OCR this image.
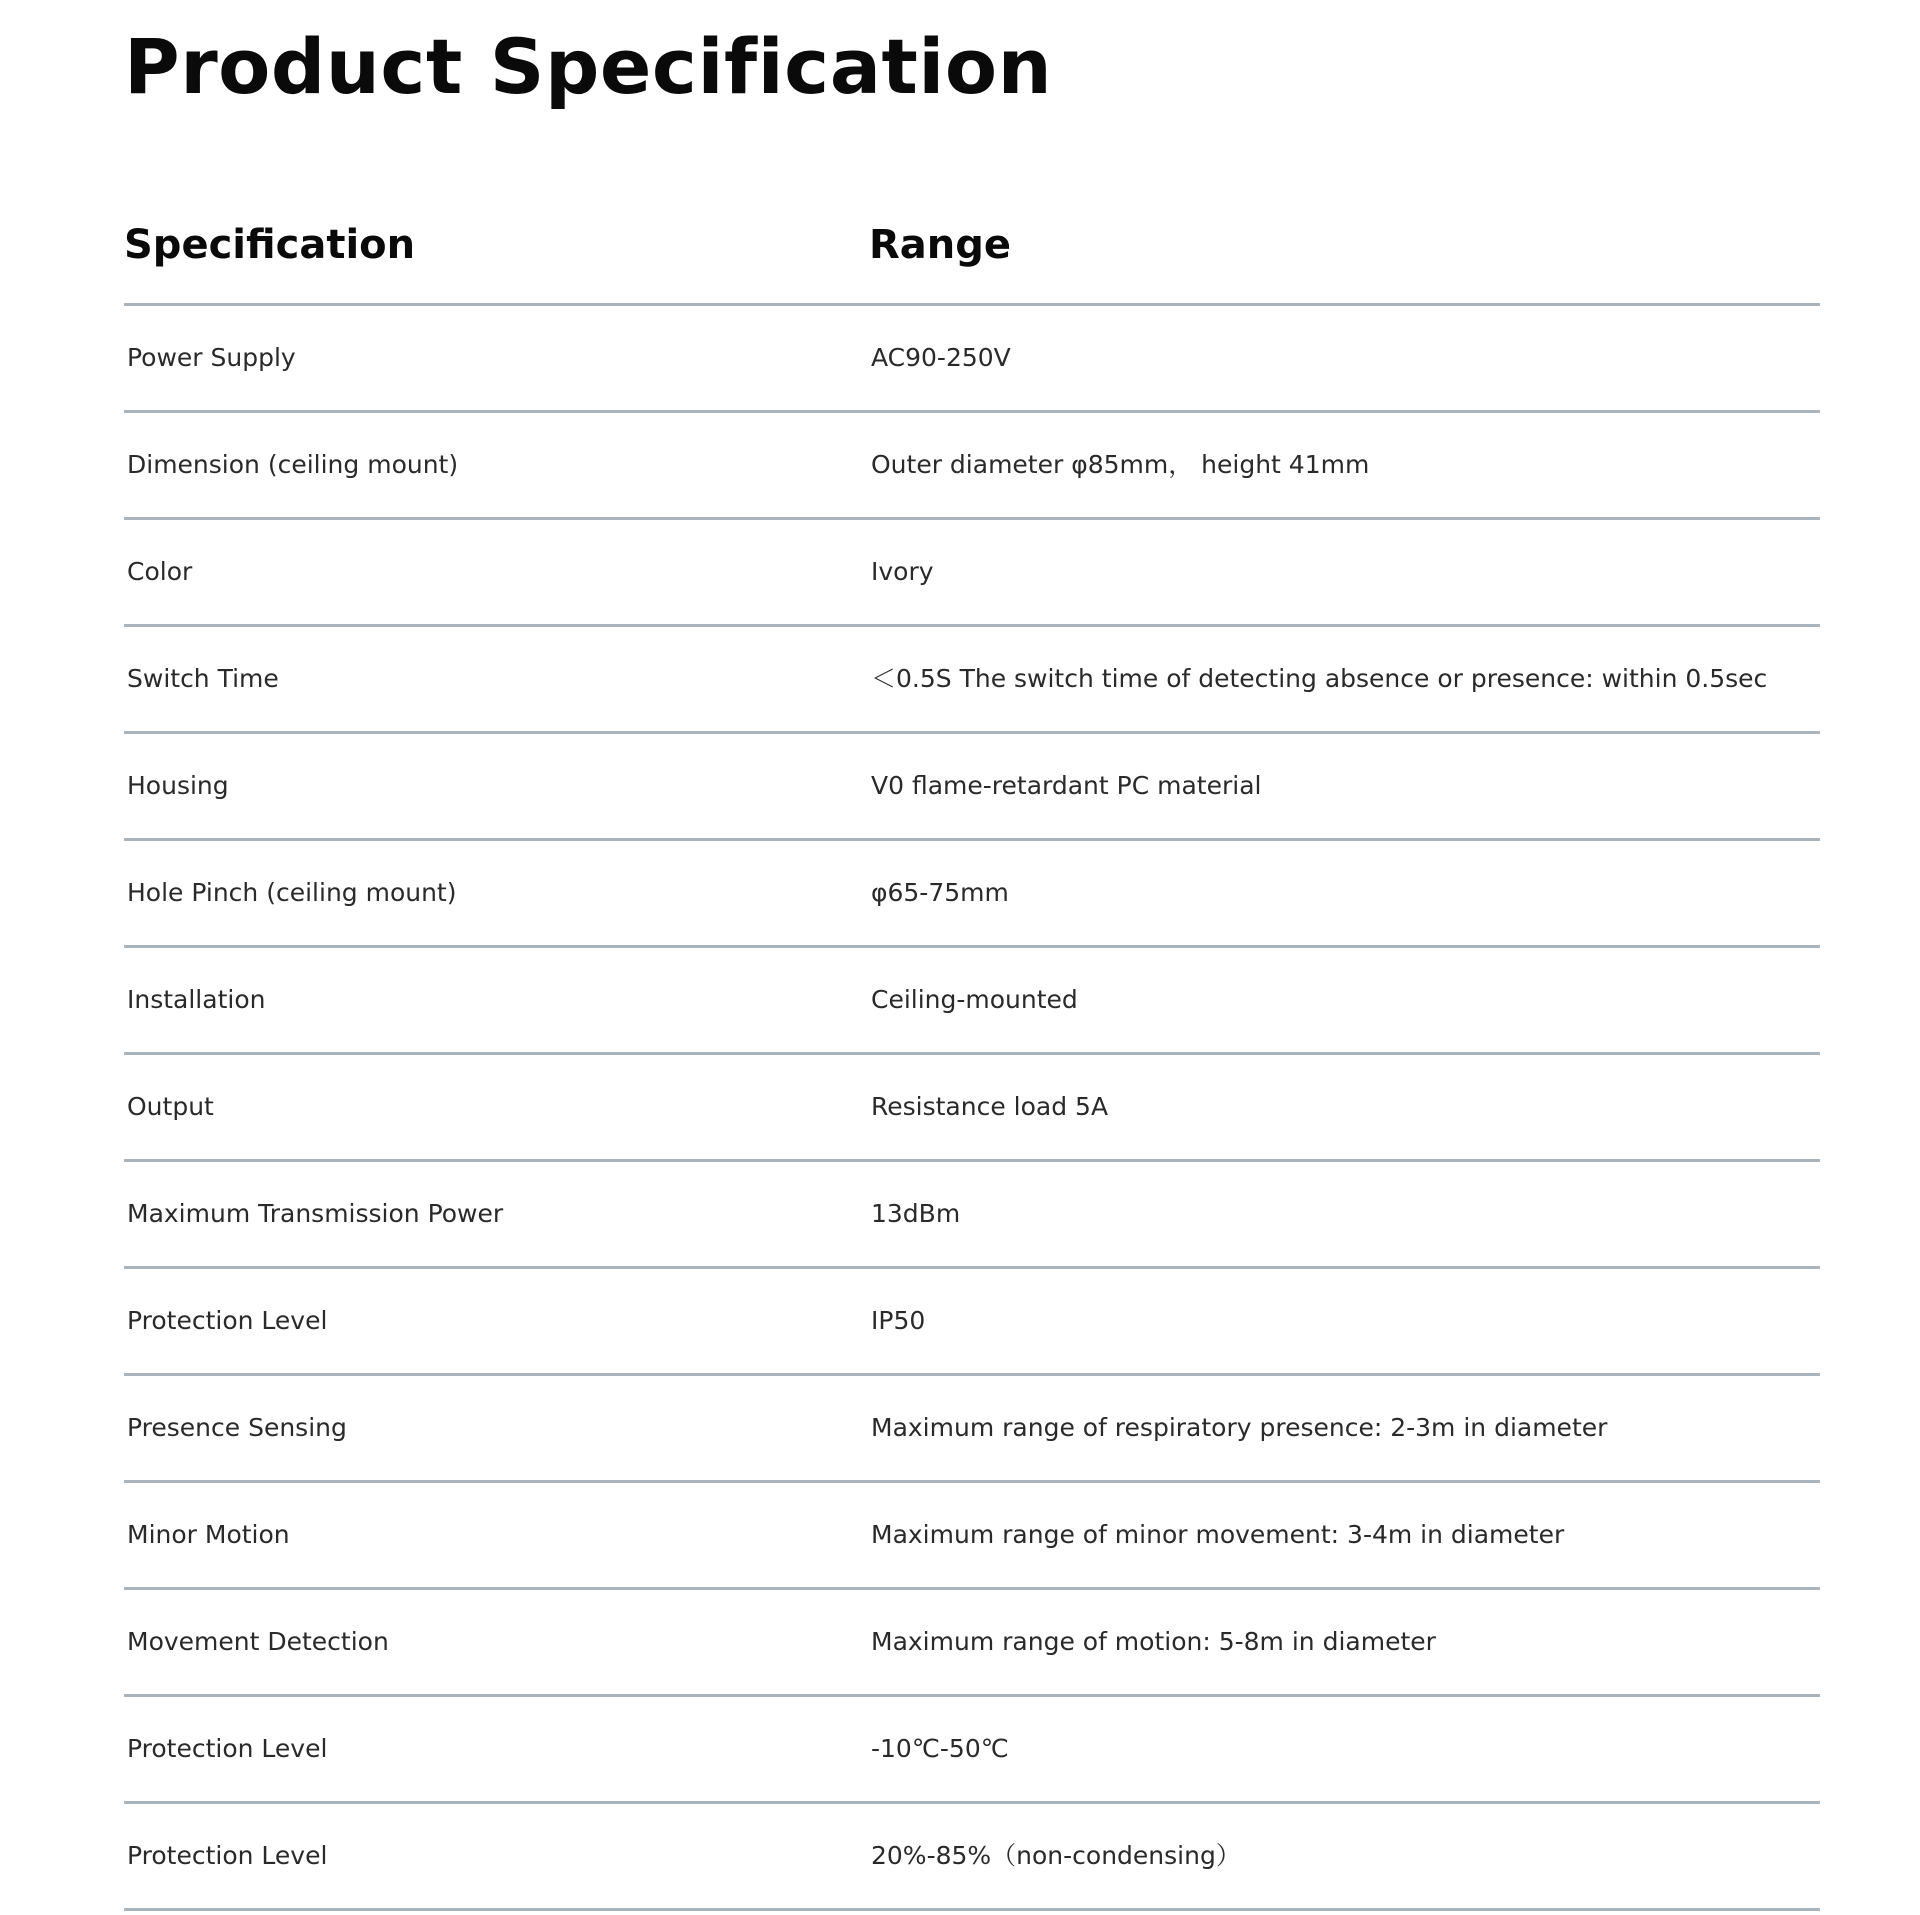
Product Specification
Specification	Range
Power Supply	AC90-250V
Dimension (ceiling mount)	Outer diameter φ85mm， height 41mm
Color	Ivory
Switch Time	＜0.5S The switch time of detecting absence or presence: within 0.5sec
Housing	V0 flame-retardant PC material
Hole Pinch (ceiling mount)	φ65-75mm
Installation	Ceiling-mounted
Output	Resistance load 5A
Maximum Transmission Power	13dBm
Protection Level	IP50
Presence Sensing	Maximum range of respiratory presence: 2-3m in diameter
Minor Motion	Maximum range of minor movement: 3-4m in diameter
Movement Detection	Maximum range of motion: 5-8m in diameter
Protection Level	-10℃-50℃
Protection Level	20%-85%（non-condensing）
